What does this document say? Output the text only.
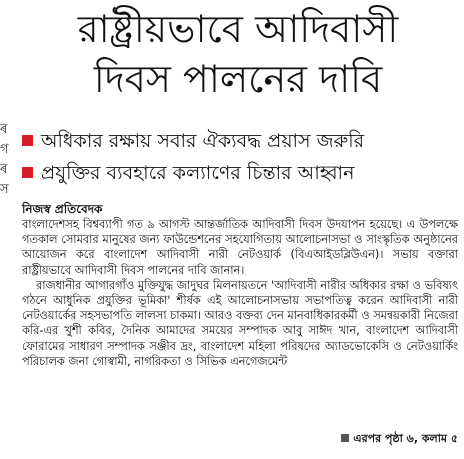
ৰ
গ
ৰ
স
রাষ্ট্রীয়ভাবে আদিবাসী
দিবস পালনের দাবি
অধিকার রক্ষায় সবার ঐক্যবদ্ধ প্রয়াস জরুরি
প্রযুক্তির ব্যবহারে কল্যাণের চিন্তার আহ্বান
নিজস্ব প্রতিবেদক

বাংলাদেশসহ বিশ্বব্যাপী গত ৯ আগস্ট আন্তর্জাতিক আদিবাসী দিবস উদযাপন হয়েছে। এ উপলক্ষে গতকাল সোমবার মানুষের জন্য ফাউন্ডেশনের সহযোগিতায় আলোচনাসভা ও সাংস্কৃতিক অনুষ্ঠানের আয়োজন করে বাংলাদেশ আদিবাসী নারী নেটওয়ার্ক (বিএআইডব্লিউএন)। সভায় বক্তারা রাষ্ট্রীয়ভাবে আদিবাসী দিবস পালনের দাবি জানান।

রাজধানীর আগারগাঁও মুক্তিযুদ্ধ জাদুঘর মিলনায়তনে 'আদিবাসী নারীর অধিকার রক্ষা ও ভবিষ্যৎ গঠনে আধুনিক প্রযুক্তির ভূমিকা' শীর্ষক এই আলোচনাসভায় সভাপতিত্ব করেন আদিবাসী নারী নেটওয়ার্কের সহসভাপতি লালসা চাকমা। আরও বক্তব্য দেন মানবাধিকারকর্মী ও সমন্বয়কারী নিজেরা করি-এর খুশী কবির, দৈনিক আমাদের সময়ের সম্পাদক আবু সাঈদ খান, বাংলাদেশ আদিবাসী ফোরামের সাধারণ সম্পাদক সঞ্জীব দ্রং, বাংলাদেশ মহিলা পরিষদের অ্যাডভোকেসি ও নেটওয়ার্কিং পরিচালক জনা গোস্বামী, নাগরিকতা ও সিভিক এনগেজমেন্ট

এরপর পৃষ্ঠা ৬, কলাম ৫
